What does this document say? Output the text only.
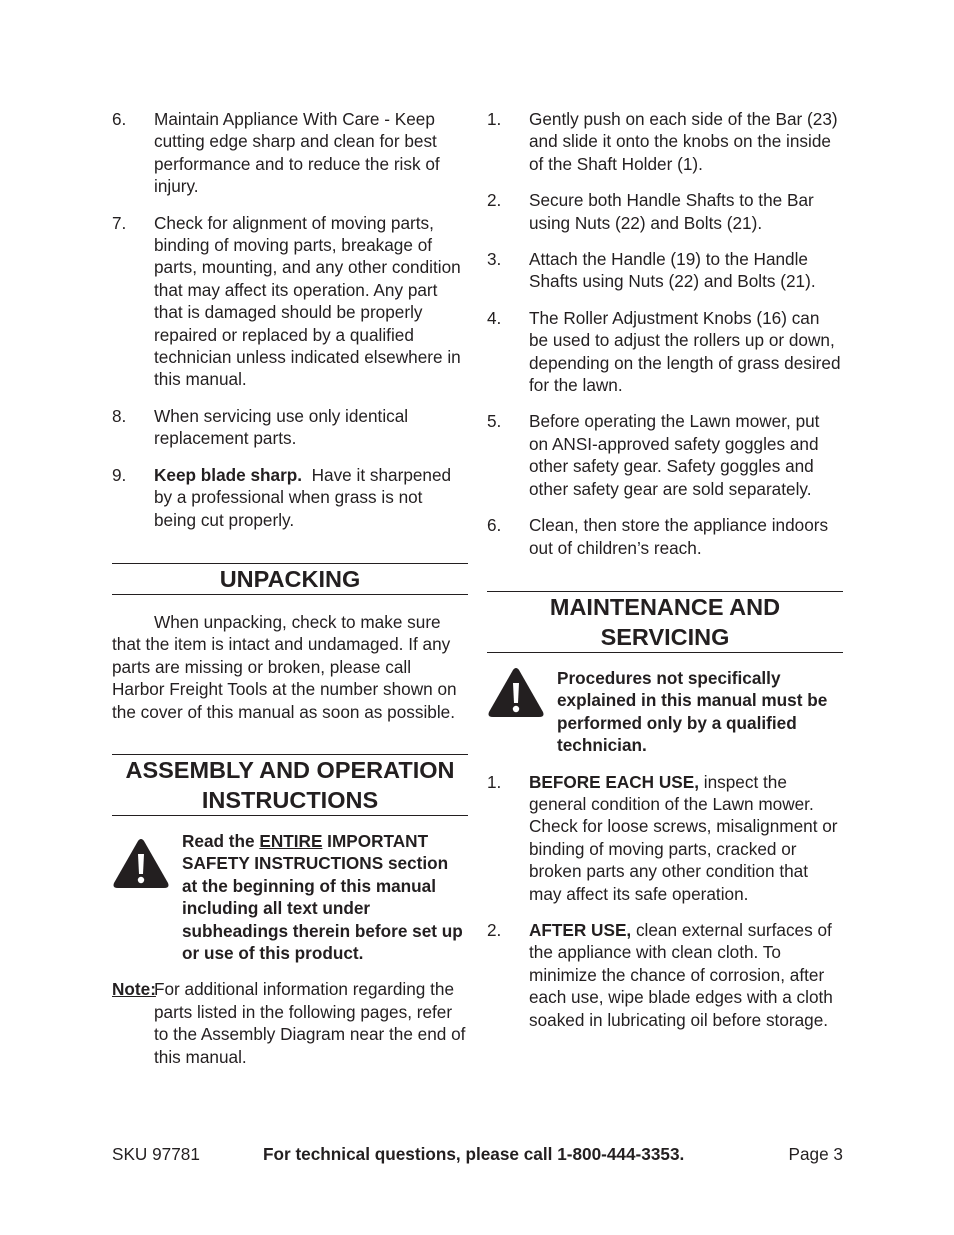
6. Maintain Appliance With Care - Keep cutting edge sharp and clean for best performance and to reduce the risk of injury.
7. Check for alignment of moving parts, binding of moving parts, breakage of parts, mounting, and any other condition that may affect its operation. Any part that is damaged should be properly repaired or replaced by a qualified technician unless indicated elsewhere in this manual.
8. When servicing use only identical replacement parts.
9. Keep blade sharp.  Have it sharpened by a professional when grass is not being cut properly.
UNPACKING

When unpacking, check to make sure that the item is intact and undamaged. If any parts are missing or broken, please call Harbor Freight Tools at the number shown on the cover of this manual as soon as possible.

ASSEMBLY AND OPERATION
INSTRUCTIONS
Read the ENTIRE IMPORTANT SAFETY INSTRUCTIONS section at the beginning of this manual including all text under subheadings therein before set up or use of this product.
Note:
For additional information regarding the parts listed in the following pages, refer to the Assembly Diagram near the end of this manual.
1. Gently push on each side of the Bar (23) and slide it onto the knobs on the inside of the Shaft Holder (1).
2. Secure both Handle Shafts to the Bar using Nuts (22) and Bolts (21).
3. Attach the Handle (19) to the Handle Shafts using Nuts (22) and Bolts (21).
4. The Roller Adjustment Knobs (16) can be used to adjust the rollers up or down, depending on the length of grass desired for the lawn.
5. Before operating the Lawn mower, put on ANSI-approved safety goggles and other safety gear. Safety goggles and other safety gear are sold separately.
6. Clean, then store the appliance indoors out of children’s reach.
MAINTENANCE AND
SERVICING
Procedures not specifically explained in this manual must be performed only by a qualified technician.
1. BEFORE EACH USE, inspect the general condition of the Lawn mower. Check for loose screws, misalignment or binding of moving parts, cracked or broken parts any other condition that may affect its safe operation.
2. AFTER USE, clean external surfaces of the appliance with clean cloth. To minimize the chance of corrosion, after each use, wipe blade edges with a cloth soaked in lubricating oil before storage.
SKU 97781	For technical questions, please call 1-800-444-3353.	Page 3
